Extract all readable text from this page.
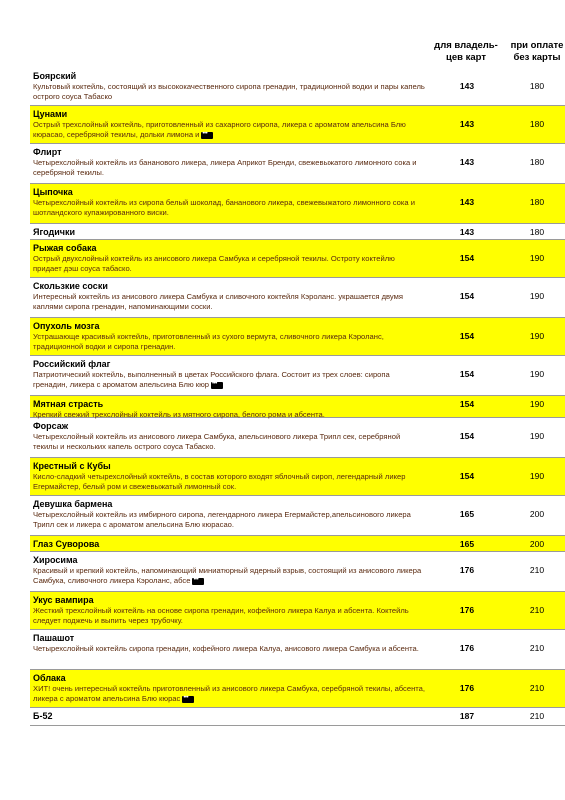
для владель-
цев карт
при оплате
без карты
Боярский
Культовый коктейль, состоящий из высококачественного сиропа гренадин, традиционной водки и пары капель острого соуса Табаско
143	180
Цунами
Острый трехслойный коктейль, приготовленный из сахарного сиропа, ликера с ароматом апельсина Блю кюрасао, серебряной текилы, дольки лимона и•••
143	180
Флирт
Четырехслойный коктейль из бананового ликера, ликера Априкот Бренди, свежевыжатого лимонного сока и серебряной текилы.
143	180
Цыпочка
Четырехслойный коктейль из сиропа белый шоколад, бананового ликера, свежевыжатого лимонного сока и шотландского купажированного виски.
143	180
Ягодички	143	180
Рыжая собака
Острый двухслойный коктейль из анисового ликера Самбука и серебряной текилы. Остроту коктейлю придает дэш соуса табаско.
154	190
Скользкие соски
Интересный коктейль из анисового ликера Самбука и сливочного коктейля Кэроланс. украшается двумя каплями сиропа гренадин, напоминающими соски.
154	190
Опухоль мозга
Устрашающе красивый коктейль, приготовленный из сухого вермута, сливочного ликера Кэроланс, традиционной водки и сиропа гренадин.
154	190
Российский флаг
Патриотический коктейль, выполненный в цветах Российского флага. Состоит из трех слоев: сиропа гренадин, ликера с ароматом апельсина Блю кюр•••
154	190
Мятная страсть
Крепкий свежий трехслойный коктейль из мятного сиропа, белого рома и абсента.
154	190
Форсаж
Четырехслойный коктейль из анисового ликера Самбука, апельсинового ликера Трипл сек, серебряной текилы и нескольких капель острого соуса Табаско.
154	190
Крестный с Кубы
Кисло-сладкий четырехслойный коктейль, в состав которого входят яблочный сироп, легендарный ликер Егермайстер, белый ром и свежевыжатый лимонный сок.
154	190
Девушка бармена
Четырехслойный коктейль из имбирного сиропа, легендарного ликера Егермайстер,апельсинового ликера Трипл сек и ликера с ароматом апельсина Блю кюрасао.
165	200
Глаз Суворова	165	200
Хиросима
Красивый и крепкий коктейль, напоминающий миниатюрный ядерный взрыв, состоящий из анисового ликера Самбука, сливочного ликера Кэроланс, абсе•••
176	210
Укус вампира
Жесткий трехслойный коктейль на основе сиропа гренадин, кофейного ликера Калуа и абсента. Коктейль следует поджечь и выпить через трубочку.
176	210
Пашашот
Четырехслойный коктейль сиропа гренадин, кофейного ликера Калуа, анисового ликера Самбука и абсента.	176	210
Облака
ХИТ! очень интересный коктейль приготовленный из анисового ликера Самбука, серебряной текилы, абсента, ликера с ароматом апельсина Блю кюрас•••
176	210
Б-52	187	210
